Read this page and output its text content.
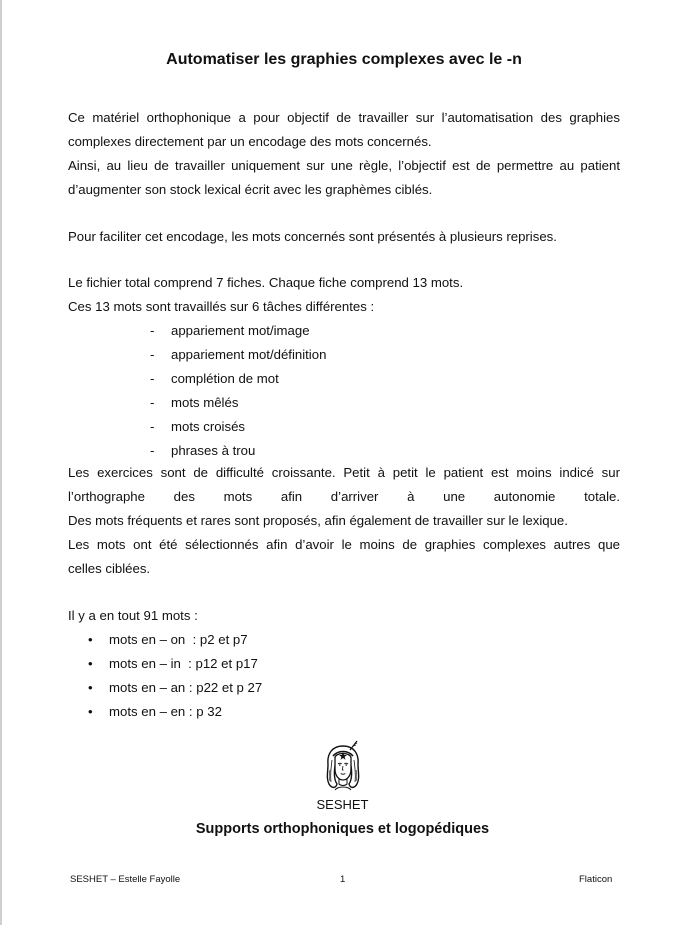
Automatiser les graphies complexes avec le -n

Ce matériel orthophonique a pour objectif de travailler sur l’automatisation des graphies
complexes directement par un encodage des mots concernés.
Ainsi, au lieu de travailler uniquement sur une règle, l’objectif est de permettre au patient
d’augmenter son stock lexical écrit avec les graphèmes ciblés.

Pour faciliter cet encodage, les mots concernés sont présentés à plusieurs reprises.

Le fichier total comprend 7 fiches. Chaque fiche comprend 13 mots.
Ces 13 mots sont travaillés sur 6 tâches différentes :

- appariement mot/image
- appariement mot/définition
- complétion de mot
- mots mêlés
- mots croisés
- phrases à trou

Les exercices sont de difficulté croissante. Petit à petit le patient est moins indicé sur
l’orthographe des mots afin d’arriver à une autonomie totale.
Des mots fréquents et rares sont proposés, afin également de travailler sur le lexique.
Les mots ont été sélectionnés afin d’avoir le moins de graphies complexes autres que
celles ciblées.

Il y a en tout 91 mots :

• mots en – on  : p2 et p7
• mots en – in  : p12 et p17
• mots en – an : p22 et p 27
• mots en – en : p 32
SESHET
Supports orthophoniques et logopédiques
SESHET – Estelle Fayolle	1	Flaticon
